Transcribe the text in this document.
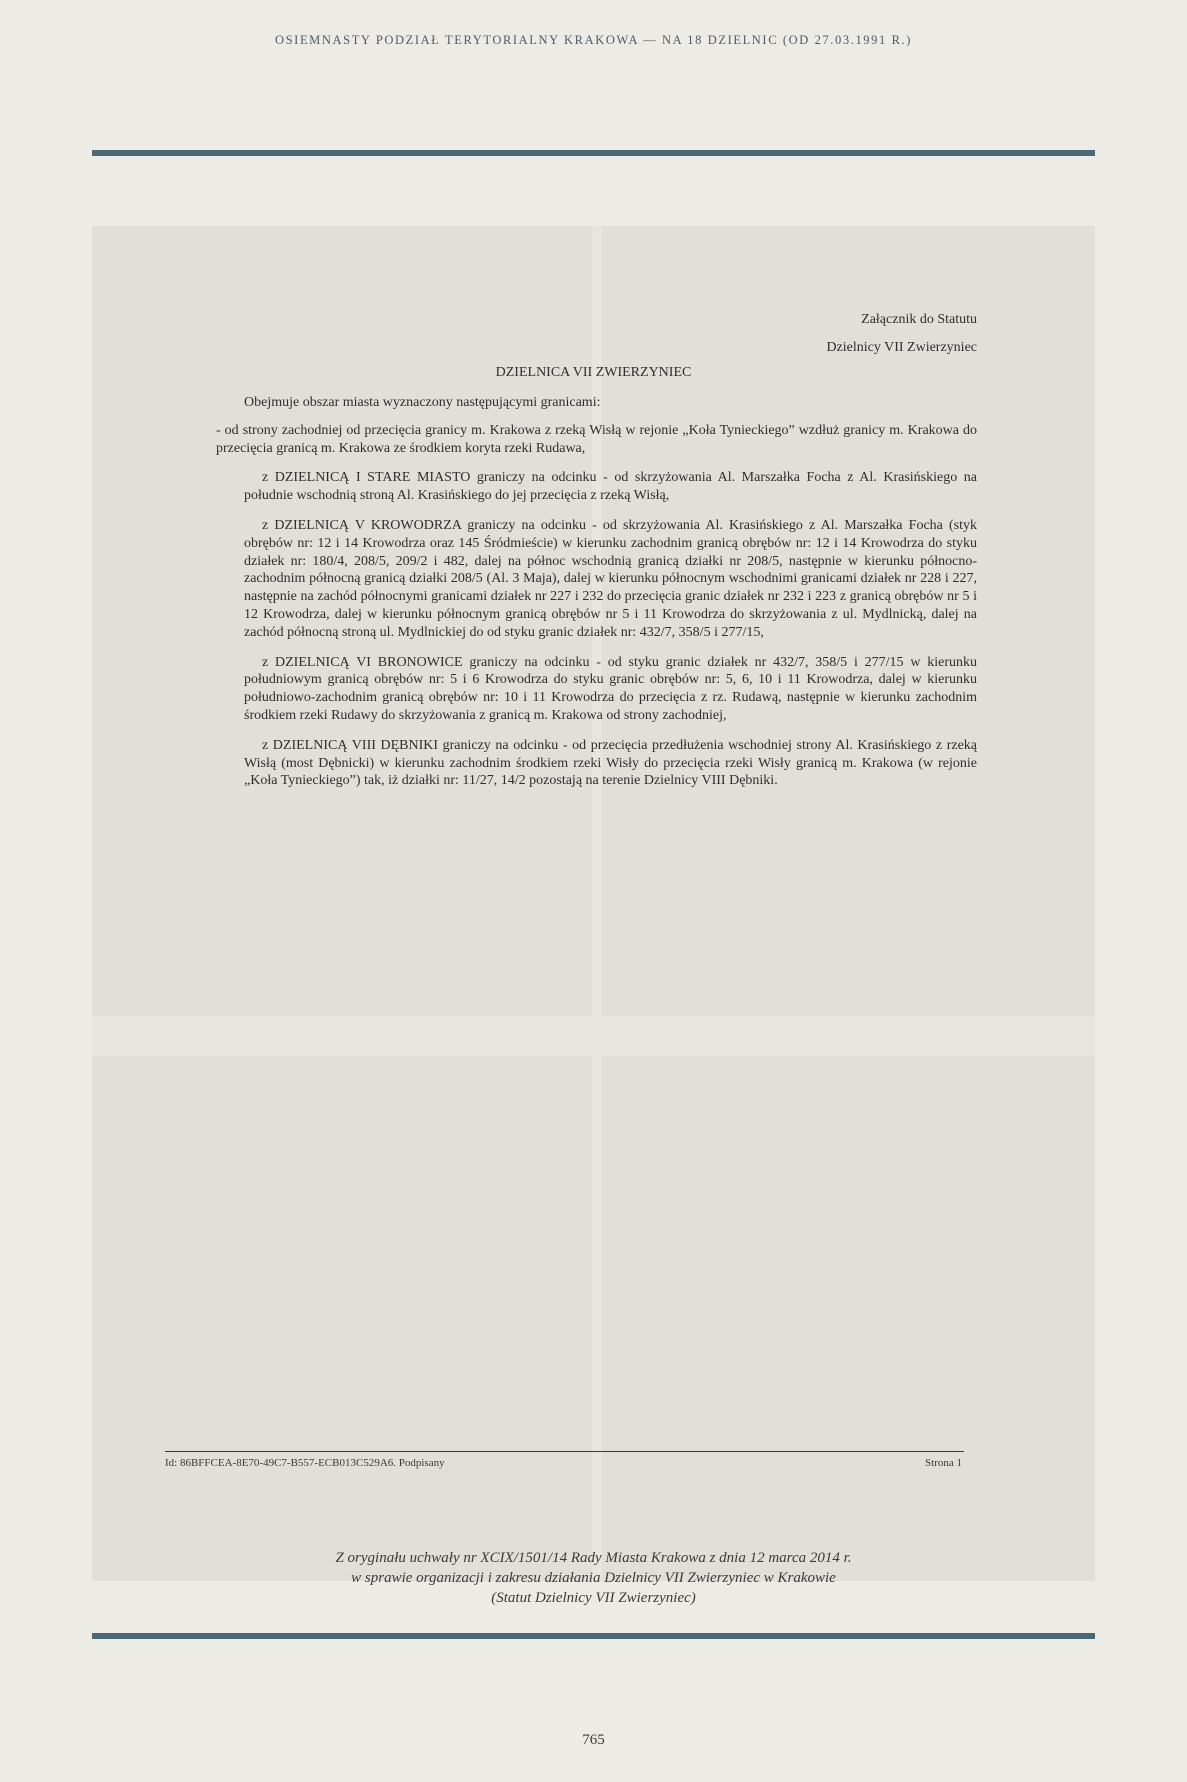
OSIEMNASTY PODZIAŁ TERYTORIALNY KRAKOWA — NA 18 DZIELNIC (OD 27.03.1991 R.)
Załącznik do Statutu
Dzielnicy VII Zwierzyniec
DZIELNICA VII ZWIERZYNIEC

Obejmuje obszar miasta wyznaczony następującymi granicami:

- od strony zachodniej od przecięcia granicy m. Krakowa z rzeką Wisłą w rejonie „Koła Tynieckiego” wzdłuż granicy m. Krakowa do przecięcia granicą m. Krakowa ze środkiem koryta rzeki Rudawa,

z DZIELNICĄ I STARE MIASTO graniczy na odcinku - od skrzyżowania Al. Marszałka Focha z Al. Krasińskiego na południe wschodnią stroną Al. Krasińskiego do jej przecięcia z rzeką Wisłą,

z DZIELNICĄ V KROWODRZA graniczy na odcinku - od skrzyżowania Al. Krasińskiego z Al. Marszałka Focha (styk obrębów nr: 12 i 14 Krowodrza oraz 145 Śródmieście) w kierunku zachodnim granicą obrębów nr: 12 i 14 Krowodrza do styku działek nr: 180/4, 208/5, 209/2 i 482, dalej na północ wschodnią granicą działki nr 208/5, następnie w kierunku północno-zachodnim północną granicą działki 208/5 (Al. 3 Maja), dalej w kierunku północnym wschodnimi granicami działek nr 228 i 227, następnie na zachód północnymi granicami działek nr 227 i 232 do przecięcia granic działek nr 232 i 223 z granicą obrębów nr 5 i 12 Krowodrza, dalej w kierunku północnym granicą obrębów nr 5 i 11 Krowodrza do skrzyżowania z ul. Mydlnicką, dalej na zachód północną stroną ul. Mydlnickiej do od styku granic działek nr: 432/7, 358/5 i 277/15,

z DZIELNICĄ VI BRONOWICE graniczy na odcinku - od styku granic działek nr 432/7, 358/5 i 277/15 w kierunku południowym granicą obrębów nr: 5 i 6 Krowodrza do styku granic obrębów nr: 5, 6, 10 i 11 Krowodrza, dalej w kierunku południowo-zachodnim granicą obrębów nr: 10 i 11 Krowodrza do przecięcia z rz. Rudawą, następnie w kierunku zachodnim środkiem rzeki Rudawy do skrzyżowania z granicą m. Krakowa od strony zachodniej,

z DZIELNICĄ VIII DĘBNIKI graniczy na odcinku - od przecięcia przedłużenia wschodniej strony Al. Krasińskiego z rzeką Wisłą (most Dębnicki) w kierunku zachodnim środkiem rzeki Wisły do przecięcia rzeki Wisły granicą m. Krakowa (w rejonie „Koła Tynieckiego”) tak, iż działki nr: 11/27, 14/2 pozostają na terenie Dzielnicy VIII Dębniki.

Id: 86BFFCEA-8E70-49C7-B557-ECB013C529A6. Podpisany	Strona 1
Z oryginału uchwały nr XCIX/1501/14 Rady Miasta Krakowa z dnia 12 marca 2014 r.
w sprawie organizacji i zakresu działania Dzielnicy VII Zwierzyniec w Krakowie
(Statut Dzielnicy VII Zwierzyniec)
765
